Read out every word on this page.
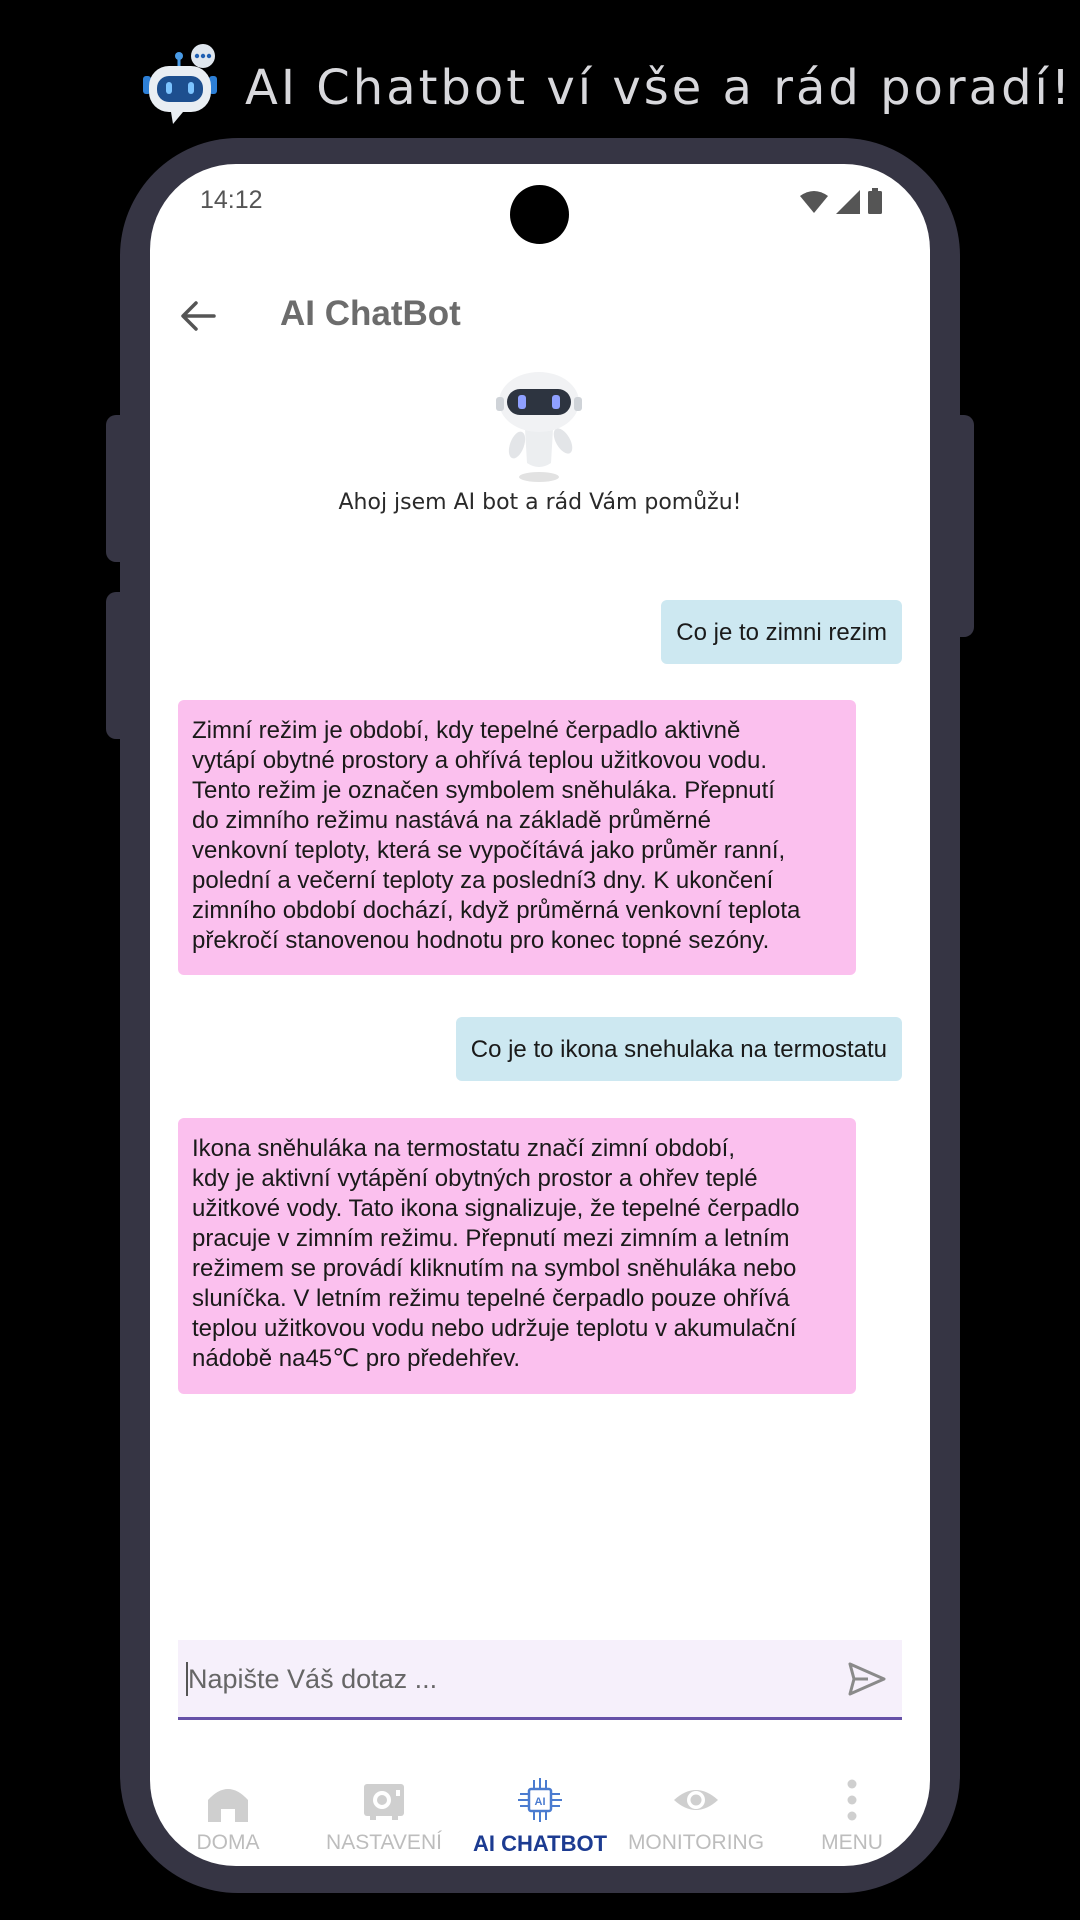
AI Chatbot ví vše a rád poradí!
14:12
AI ChatBot
Ahoj jsem AI bot a rád Vám pomůžu!
Co je to zimni rezim
Zimní režim je období, kdy tepelné čerpadlo aktivně
vytápí obytné prostory a ohřívá teplou užitkovou vodu.
Tento režim je označen symbolem sněhuláka. Přepnutí
do zimního režimu nastává na základě průměrné
venkovní teploty, která se vypočítává jako průměr ranní,
polední a večerní teploty za poslední3 dny. K ukončení
zimního období dochází, když průměrná venkovní teplota
překročí stanovenou hodnotu pro konec topné sezóny.
Co je to ikona snehulaka na termostatu
Ikona sněhuláka na termostatu značí zimní období,
kdy je aktivní vytápění obytných prostor a ohřev teplé
užitkové vody. Tato ikona signalizuje, že tepelné čerpadlo
pracuje v zimním režimu. Přepnutí mezi zimním a letním
režimem se provádí kliknutím na symbol sněhuláka nebo
sluníčka. V letním režimu tepelné čerpadlo pouze ohřívá
teplou užitkovou vodu nebo udržuje teplotu v akumulační
nádobě na45℃ pro předehřev.
Napište Váš dotaz ...
DOMA	NASTAVENÍ
AI
AI CHATBOT MONITORING	MENU
